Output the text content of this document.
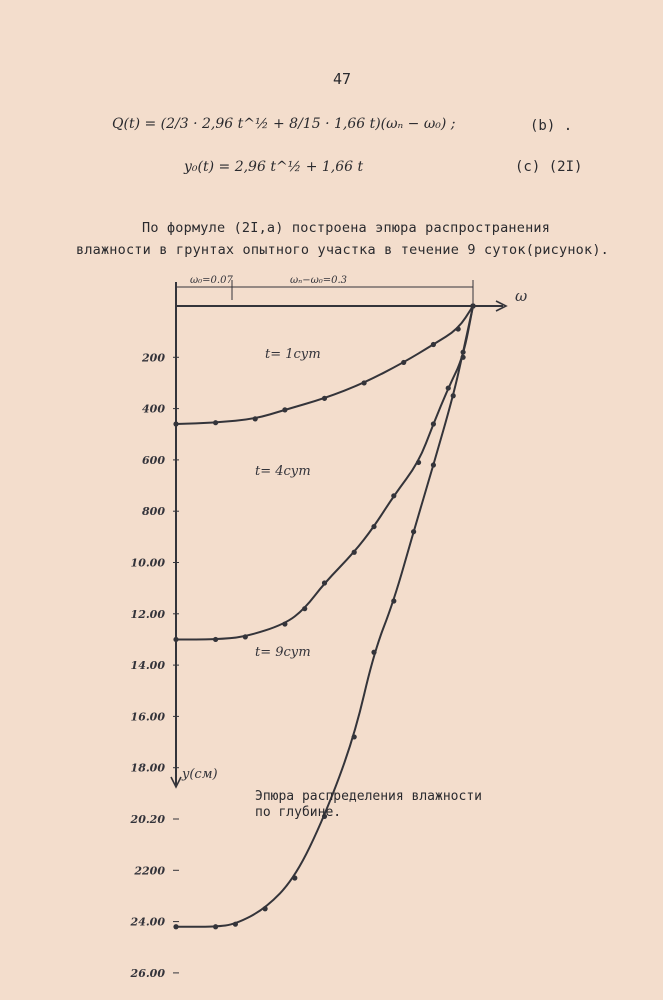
47
Q(t) = (2/3 · 2,96 t^½ + 8/15 · 1,66 t)(ωₙ − ω₀) ;	(b) .
y₀(t) = 2,96 t^½ + 1,66 t	(c) (2I)
По формуле (2I,а) построена эпюра распространения
влажности в грунтах опытного участка в течение 9 суток(рисунок).
ω
y(см)
ω₀=0.07	ωₙ−ω₀=0.3
200
400
600
800
10.00
12.00
14.00
16.00
18.00
20.20
2200
24.00
26.00
t= 1сут
t= 4сут
t= 9сут
Эпюра распределения влажности
по глубине.
